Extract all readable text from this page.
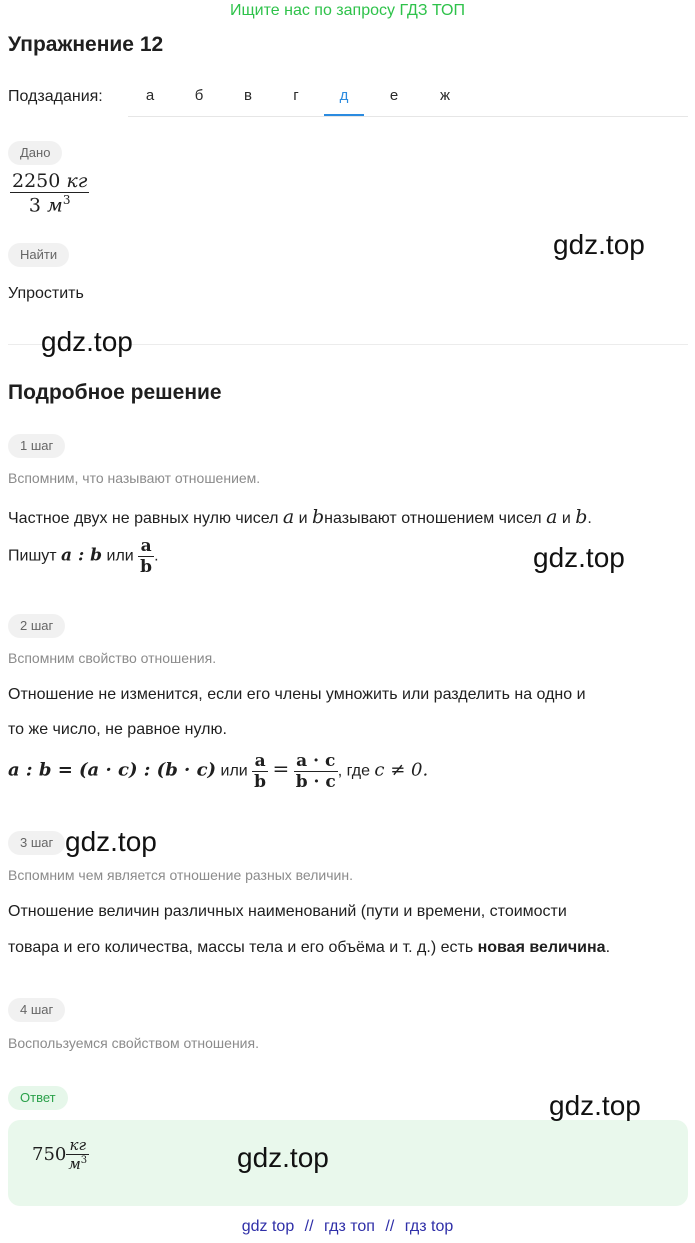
Ищите нас по запросу ГДЗ ТОП
Упражнение 12
Подзадания:	а	б	в	г	д	е	ж
Дано
$\frac{2250 кг}{3 м^3}$
Найти
Упростить
Подробное решение
1 шаг
Вспомним, что называют отношением.
Частное двух не равных нулю чисел a и bназывают отношением чисел a и b.
Пишут a : b или $\frac{a}{b}$ .
2 шаг
Вспомним свойство отношения.
Отношение не изменится, если его члены умножить или разделить на одно и
то же число, не равное нулю.
a : b = (a · c) : (b · c) или $\frac{a}{b} = \frac{a \cdot c}{b \cdot c}$ , где c ≠ 0.
3 шаг
Вспомним чем является отношение разных величин.
Отношение величин различных наименований (пути и времени, стоимости
товара и его количества, массы тела и его объёма и т. д.) есть новая величина.
4 шаг
Воспользуемся свойством отношения.
Ответ
$750 \frac{кг}{м^3}$
gdz.top
gdz.top
gdz.top
gdz.top
gdz.top
gdz.top
gdz top // гдз топ // гдз top
